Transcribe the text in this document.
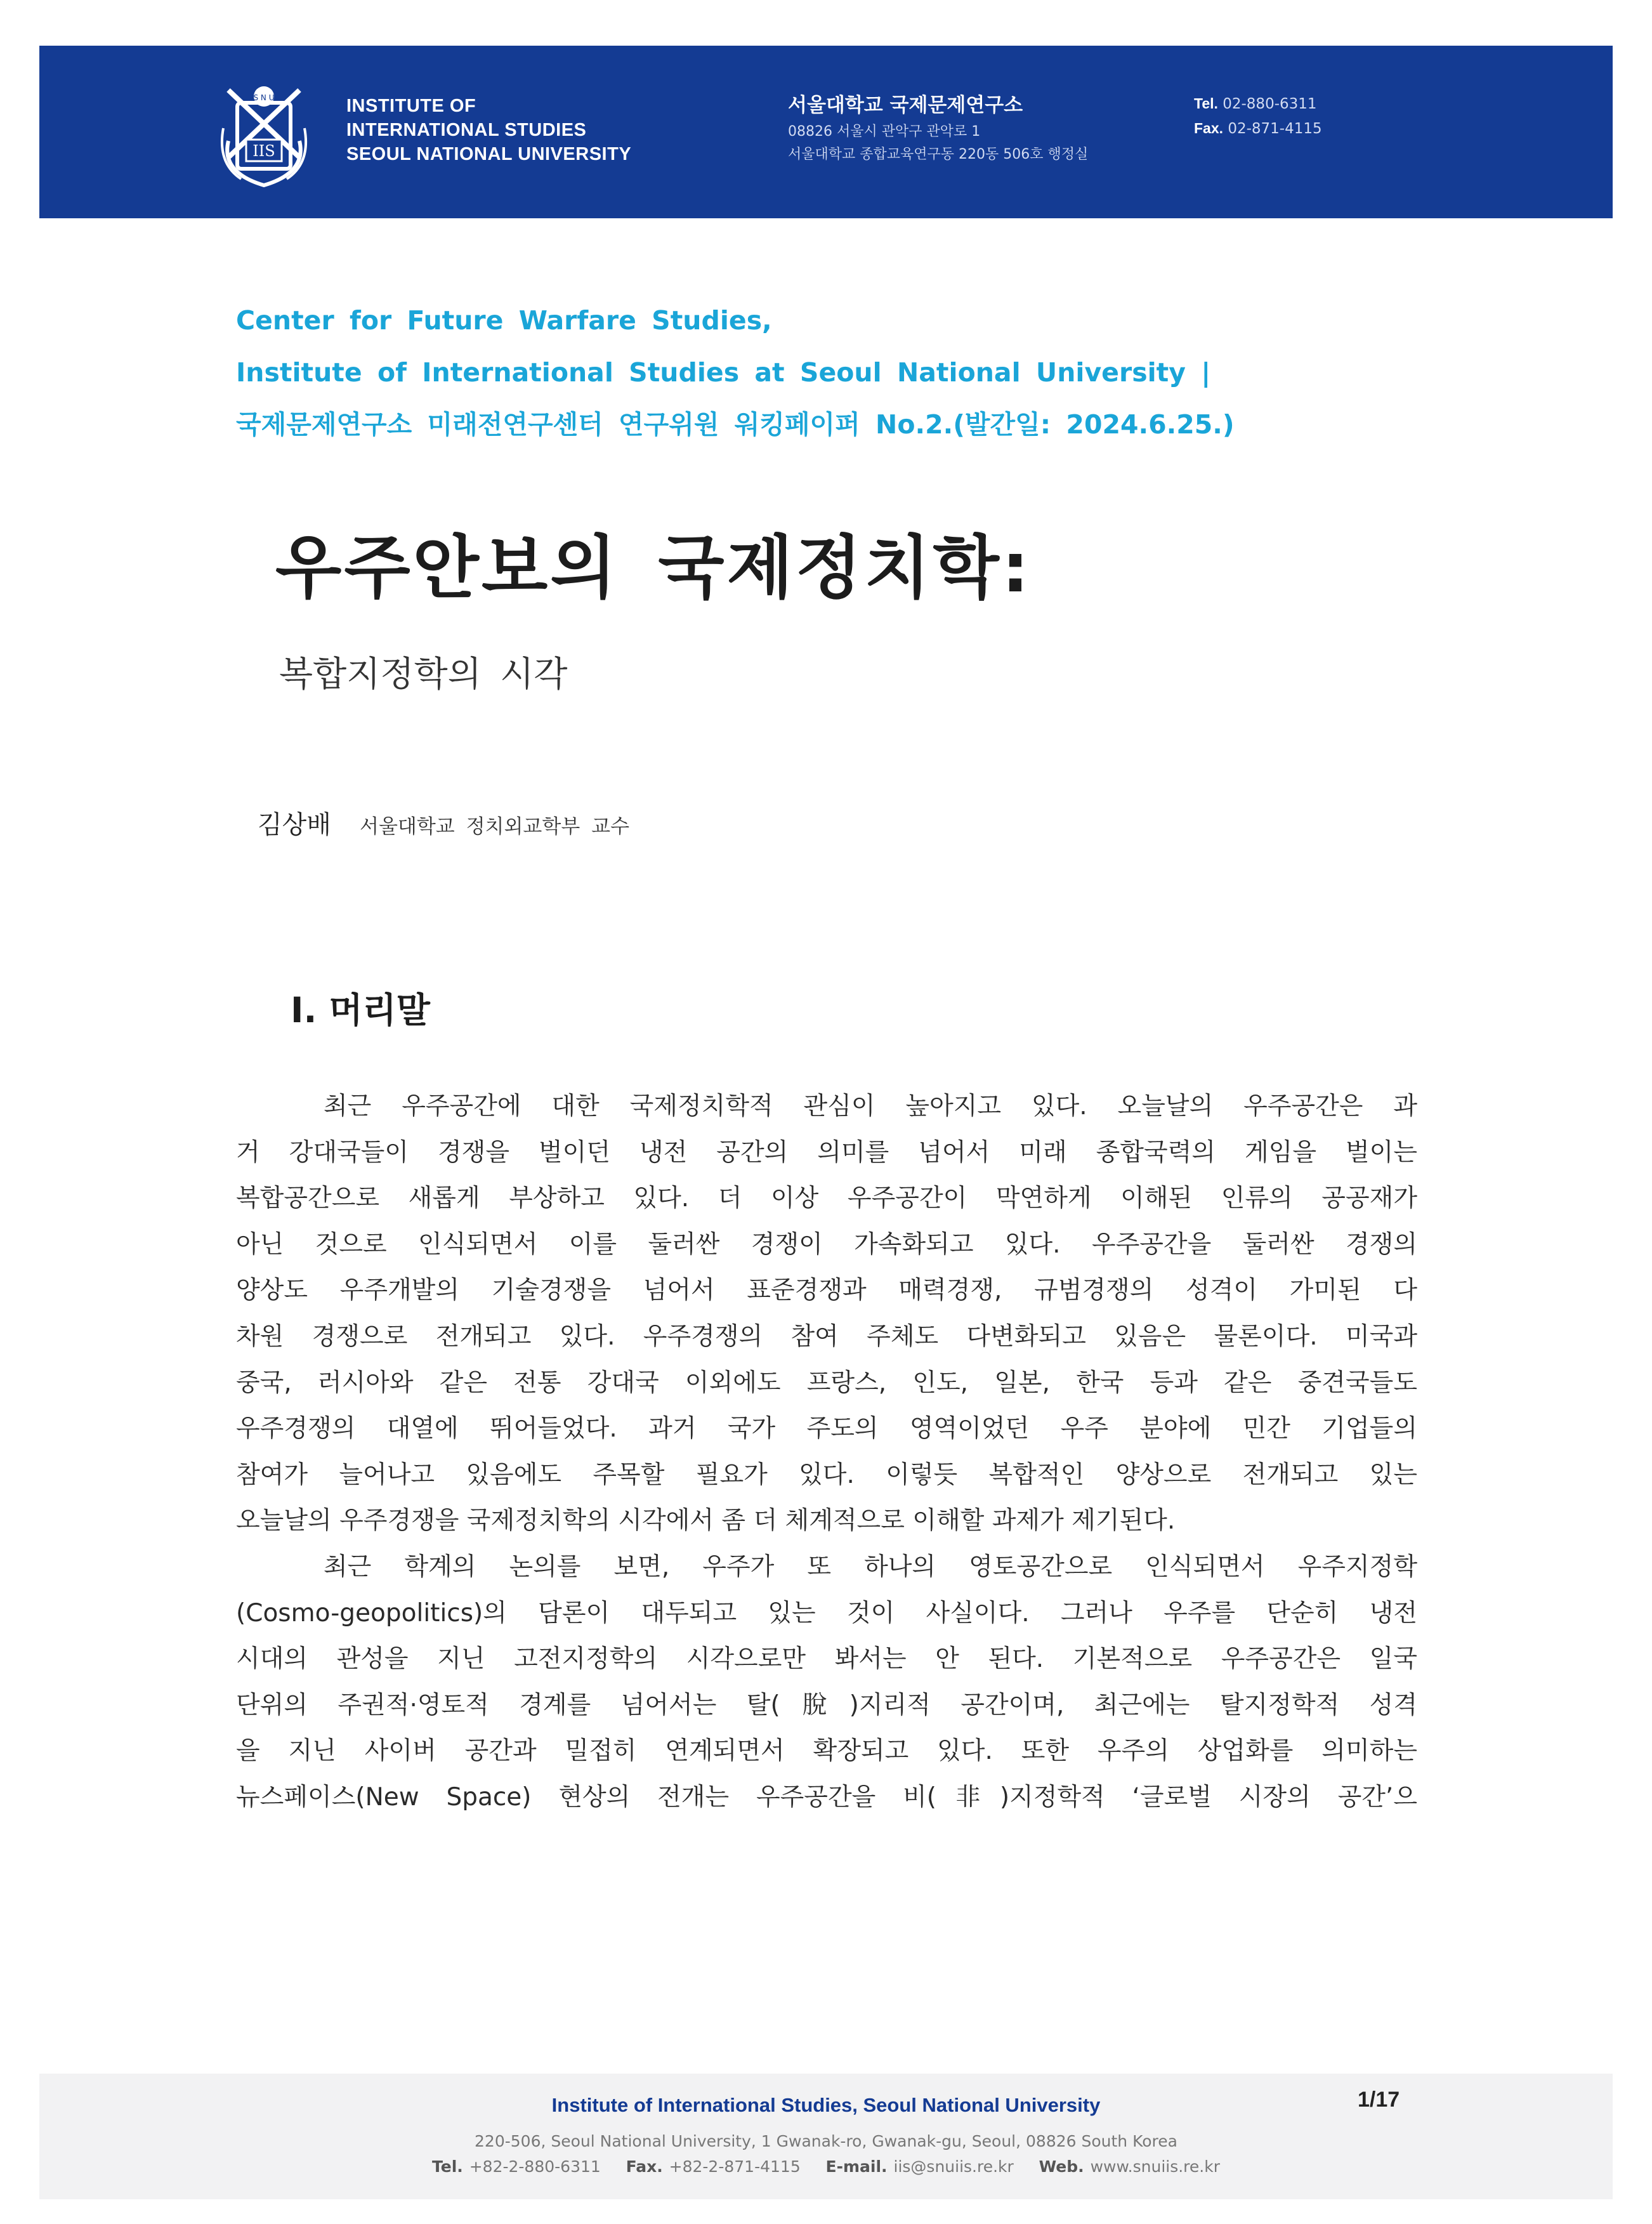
S N U
IIS
INSTITUTE OF
INTERNATIONAL STUDIES
SEOUL NATIONAL UNIVERSITY
서울대학교 국제문제연구소
08826 서울시 관악구 관악로 1
서울대학교 종합교육연구동 220동 506호 행정실
Tel. 02-880-6311
Fax. 02-871-4115
Center for Future Warfare Studies,
Institute of International Studies at Seoul National University |
국제문제연구소 미래전연구센터 연구위원 워킹페이퍼 No.2.(발간일: 2024.6.25.)
우주안보의 국제정치학:
복합지정학의 시각
김상배 서울대학교 정치외교학부 교수
Ⅰ. 머리말
최근 우주공간에 대한 국제정치학적 관심이 높아지고 있다. 오늘날의 우주공간은 과
거 강대국들이 경쟁을 벌이던 냉전 공간의 의미를 넘어서 미래 종합국력의 게임을 벌이는
복합공간으로 새롭게 부상하고 있다. 더 이상 우주공간이 막연하게 이해된 인류의 공공재가
아닌 것으로 인식되면서 이를 둘러싼 경쟁이 가속화되고 있다. 우주공간을 둘러싼 경쟁의
양상도 우주개발의 기술경쟁을 넘어서 표준경쟁과 매력경쟁, 규범경쟁의 성격이 가미된 다
차원 경쟁으로 전개되고 있다. 우주경쟁의 참여 주체도 다변화되고 있음은 물론이다. 미국과
중국, 러시아와 같은 전통 강대국 이외에도 프랑스, 인도, 일본, 한국 등과 같은 중견국들도
우주경쟁의 대열에 뛰어들었다. 과거 국가 주도의 영역이었던 우주 분야에 민간 기업들의
참여가 늘어나고 있음에도 주목할 필요가 있다. 이렇듯 복합적인 양상으로 전개되고 있는
오늘날의 우주경쟁을 국제정치학의 시각에서 좀 더 체계적으로 이해할 과제가 제기된다.
최근 학계의 논의를 보면, 우주가 또 하나의 영토공간으로 인식되면서 우주지정학
(Cosmo-geopolitics)의 담론이 대두되고 있는 것이 사실이다. 그러나 우주를 단순히 냉전
시대의 관성을 지닌 고전지정학의 시각으로만 봐서는 안 된다. 기본적으로 우주공간은 일국
단위의 주권적·영토적 경계를 넘어서는 탈(脫)지리적 공간이며, 최근에는 탈지정학적 성격
을 지닌 사이버 공간과 밀접히 연계되면서 확장되고 있다. 또한 우주의 상업화를 의미하는
뉴스페이스(New Space) 현상의 전개는 우주공간을 비(非)지정학적 ‘글로벌 시장의 공간’으
Institute of International Studies, Seoul National University
220-506, Seoul National University, 1 Gwanak-ro, Gwanak-gu, Seoul, 08826 South Korea
Tel. +82-2-880-6311 Fax. +82-2-871-4115 E-mail. iis@snuiis.re.kr Web. www.snuiis.re.kr
1/17
